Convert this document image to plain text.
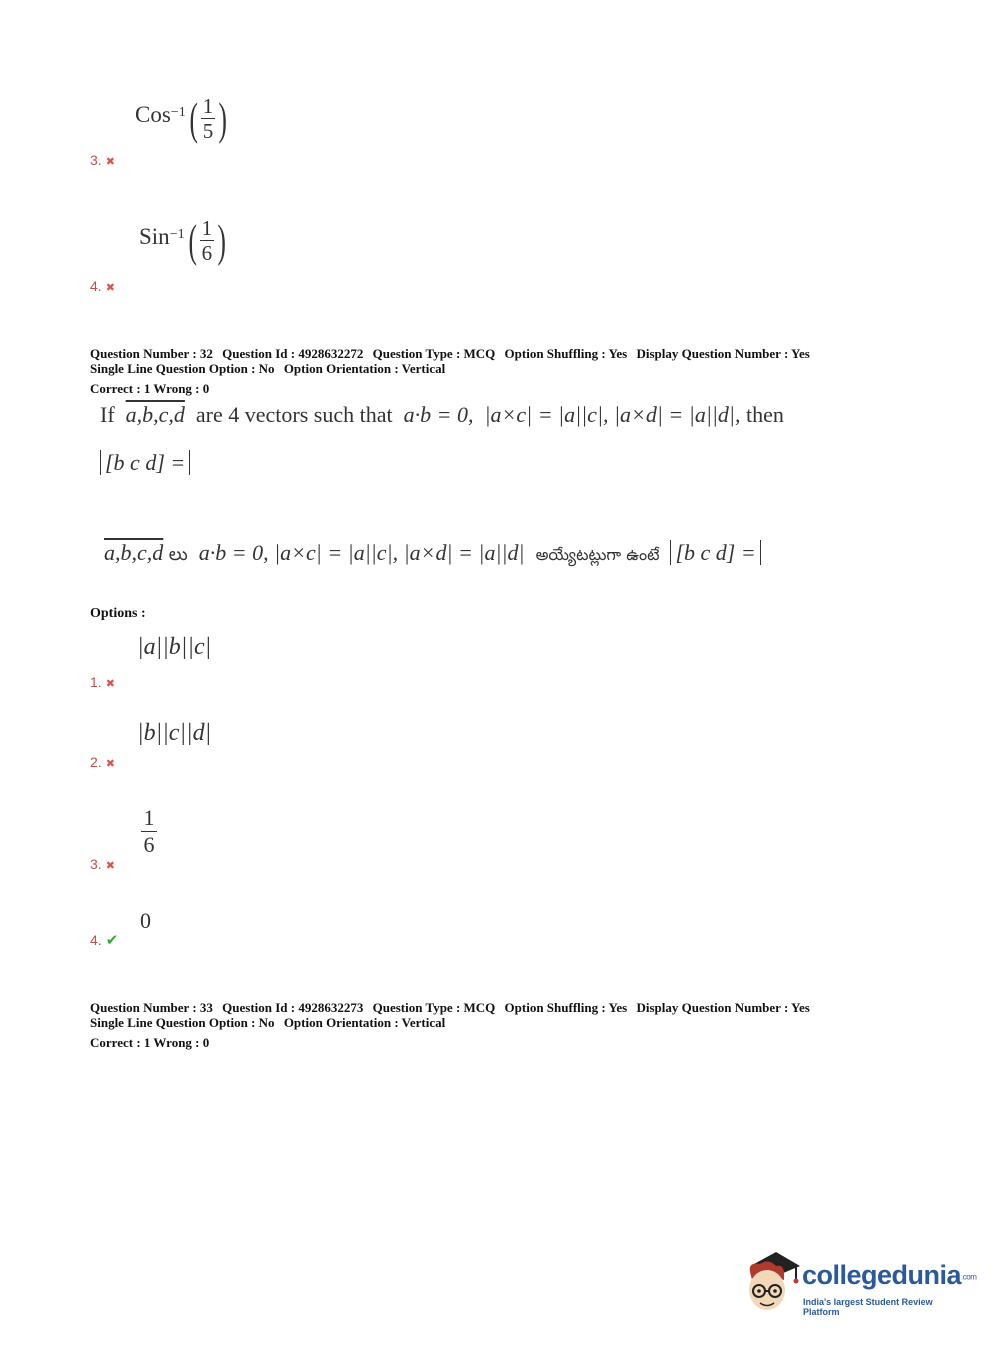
$Cos^{-1}( \frac{1}{5}$ )
3. ✖
$Sin^{-1}( \frac{1}{6}$ )
4. ✖
Question Number : 32 Question Id : 4928632272 Question Type : MCQ Option Shuffling : Yes Display Question Number : Yes
Single Line Question Option : No Option Orientation : Vertical
Correct : 1 Wrong : 0
If a,b,c,d are 4 vectors such that a·b = 0, |a×c| = |a||c|, |a×d| = |a||d|, then
[b c d] =
a,b,c,d లు a·b = 0, |a×c| = |a||c|, |a×d| = |a||d| అయ్యేటట్లుగా ఉంటే [b c d] =
Options :
|a||b||c|
1. ✖
|b||c||d|
2. ✖
$\frac{1}{6}$
3. ✖
0
4. ✔
Question Number : 33 Question Id : 4928632273 Question Type : MCQ Option Shuffling : Yes Display Question Number : Yes
Single Line Question Option : No Option Orientation : Vertical
Correct : 1 Wrong : 0
collegedunia.com
India's largest Student Review Platform
